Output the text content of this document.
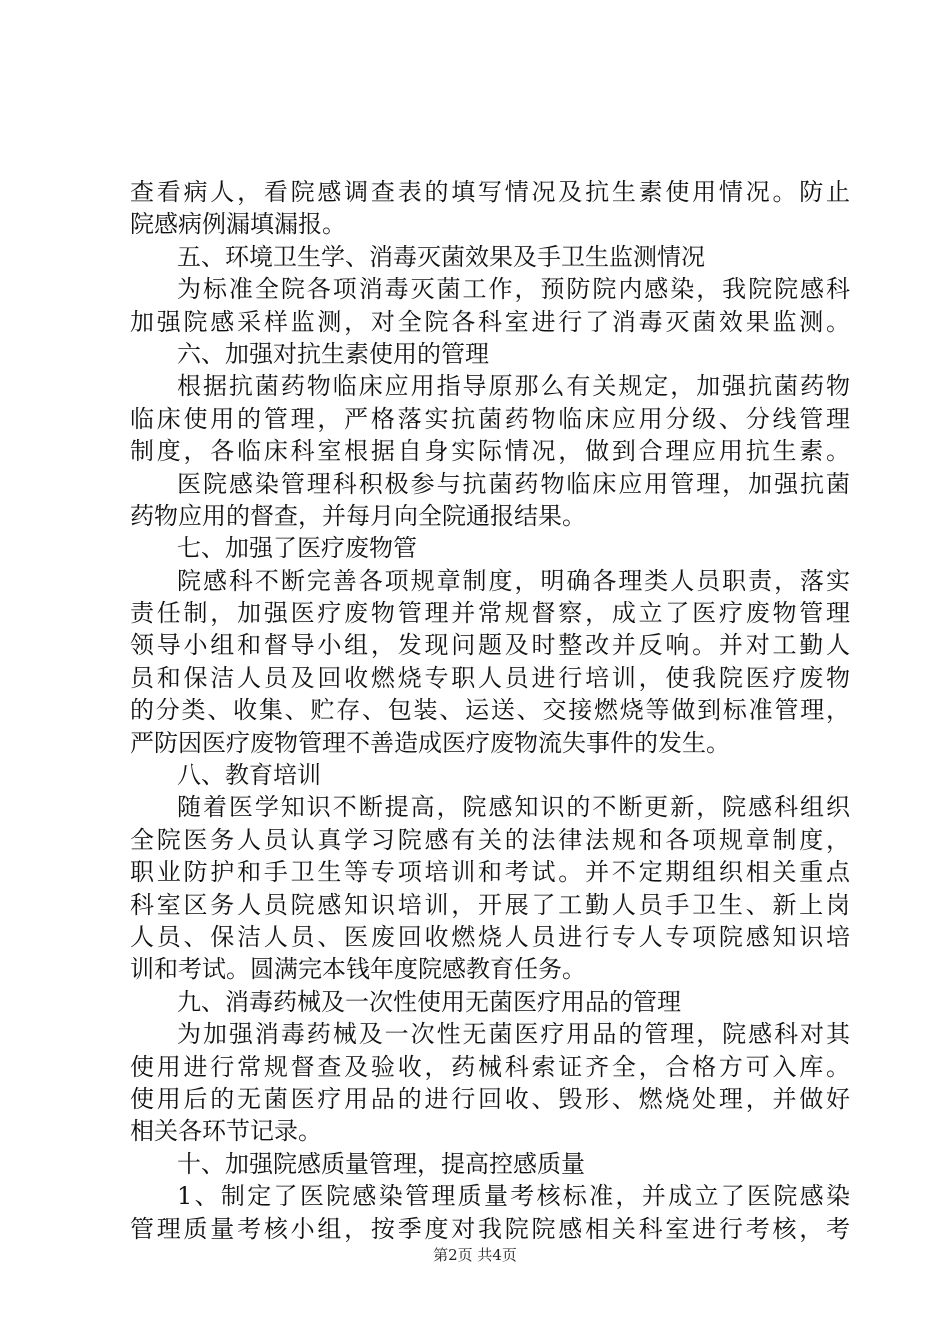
查看病人，看院感调查表的填写情况及抗生素使用情况。防止
院感病例漏填漏报。
五、环境卫生学、消毒灭菌效果及手卫生监测情况
为标准全院各项消毒灭菌工作，预防院内感染，我院院感科
加强院感采样监测，对全院各科室进行了消毒灭菌效果监测。
六、加强对抗生素使用的管理
根据抗菌药物临床应用指导原那么有关规定，加强抗菌药物
临床使用的管理，严格落实抗菌药物临床应用分级、分线管理
制度，各临床科室根据自身实际情况，做到合理应用抗生素。
医院感染管理科积极参与抗菌药物临床应用管理，加强抗菌
药物应用的督查，并每月向全院通报结果。
七、加强了医疗废物管
院感科不断完善各项规章制度，明确各理类人员职责，落实
责任制，加强医疗废物管理并常规督察，成立了医疗废物管理
领导小组和督导小组，发现问题及时整改并反响。并对工勤人
员和保洁人员及回收燃烧专职人员进行培训，使我院医疗废物
的分类、收集、贮存、包装、运送、交接燃烧等做到标准管理，
严防因医疗废物管理不善造成医疗废物流失事件的发生。
八、教育培训
随着医学知识不断提高，院感知识的不断更新，院感科组织
全院医务人员认真学习院感有关的法律法规和各项规章制度，
职业防护和手卫生等专项培训和考试。并不定期组织相关重点
科室区务人员院感知识培训，开展了工勤人员手卫生、新上岗
人员、保洁人员、医废回收燃烧人员进行专人专项院感知识培
训和考试。圆满完本钱年度院感教育任务。
九、消毒药械及一次性使用无菌医疗用品的管理
为加强消毒药械及一次性无菌医疗用品的管理，院感科对其
使用进行常规督查及验收，药械科索证齐全，合格方可入库。
使用后的无菌医疗用品的进行回收、毁形、燃烧处理，并做好
相关各环节记录。
十、加强院感质量管理，提高控感质量
1、制定了医院感染管理质量考核标准，并成立了医院感染
管理质量考核小组，按季度对我院院感相关科室进行考核，考
第2页 共4页
